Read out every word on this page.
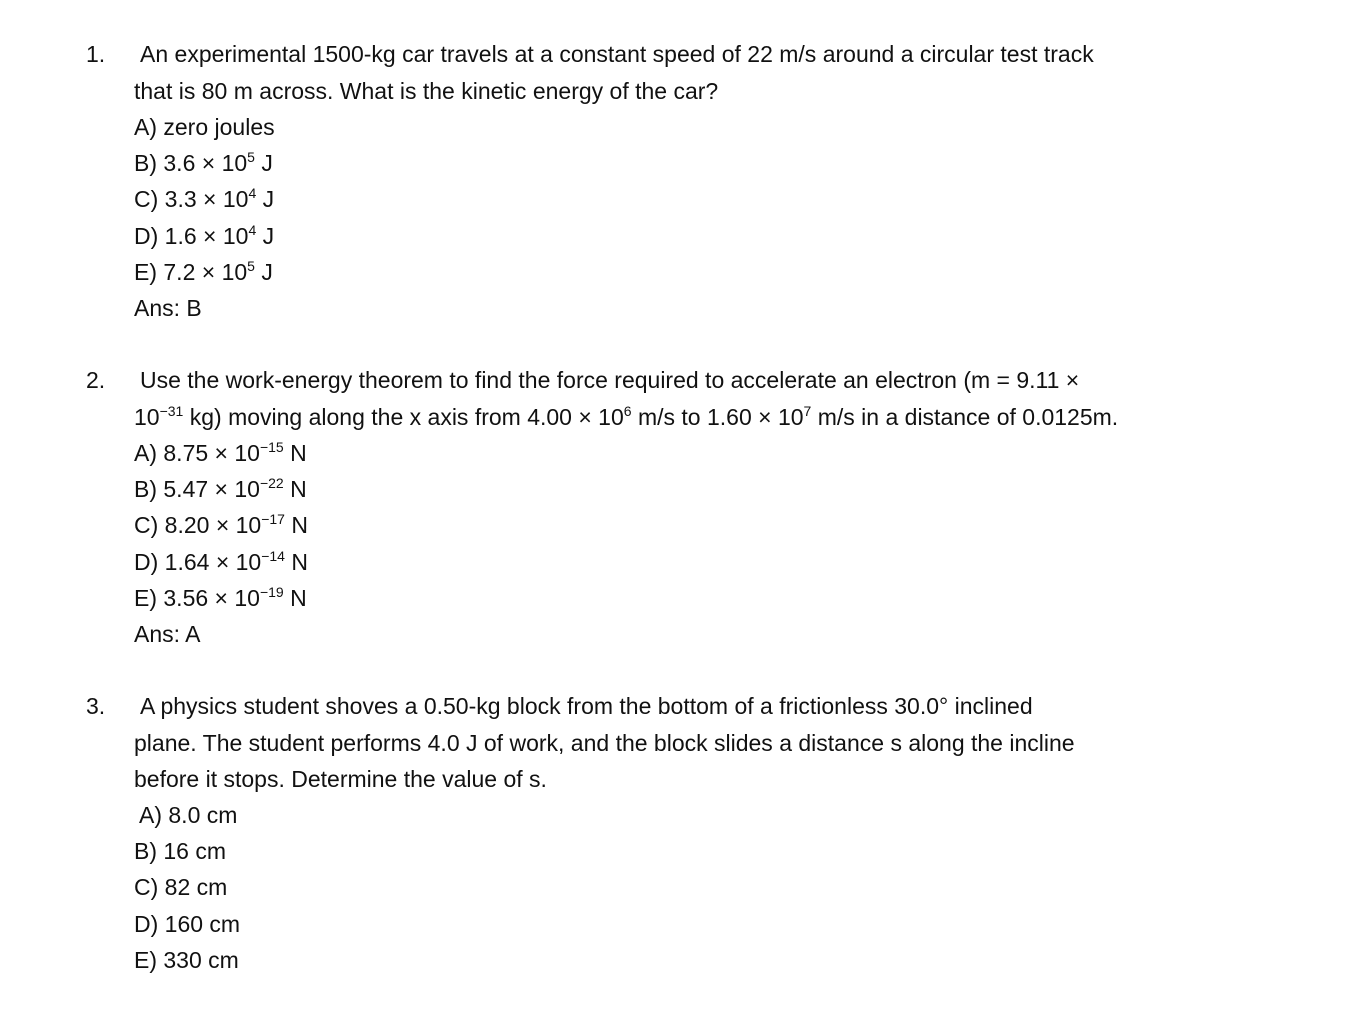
1. An experimental 1500-kg car travels at a constant speed of 22 m/s around a circular test track
that is 80 m across. What is the kinetic energy of the car?
A) zero joules
B) $3.6 \times 10^5$ J
C) $3.3 \times 10^4$ J
D) $1.6 \times 10^4$ J
E) $7.2 \times 10^5$ J
Ans: B
2. Use the work-energy theorem to find the force required to accelerate an electron (m = 9.11 ×
$10^{-31}$ kg) moving along the x axis from $4.00 \times 10^6$ m/s to $1.60 \times 10^7$ m/s in a distance of 0.0125m.
A) $8.75 \times 10^{-15}$ N
B) $5.47 \times 10^{-22}$ N
C) $8.20 \times 10^{-17}$ N
D) $1.64 \times 10^{-14}$ N
E) $3.56 \times 10^{-19}$ N
Ans: A
3. A physics student shoves a 0.50-kg block from the bottom of a frictionless 30.0° inclined
plane. The student performs 4.0 J of work, and the block slides a distance s along the incline
before it stops. Determine the value of s.
A) 8.0 cm
B) 16 cm
C) 82 cm
D) 160 cm
E) 330 cm
